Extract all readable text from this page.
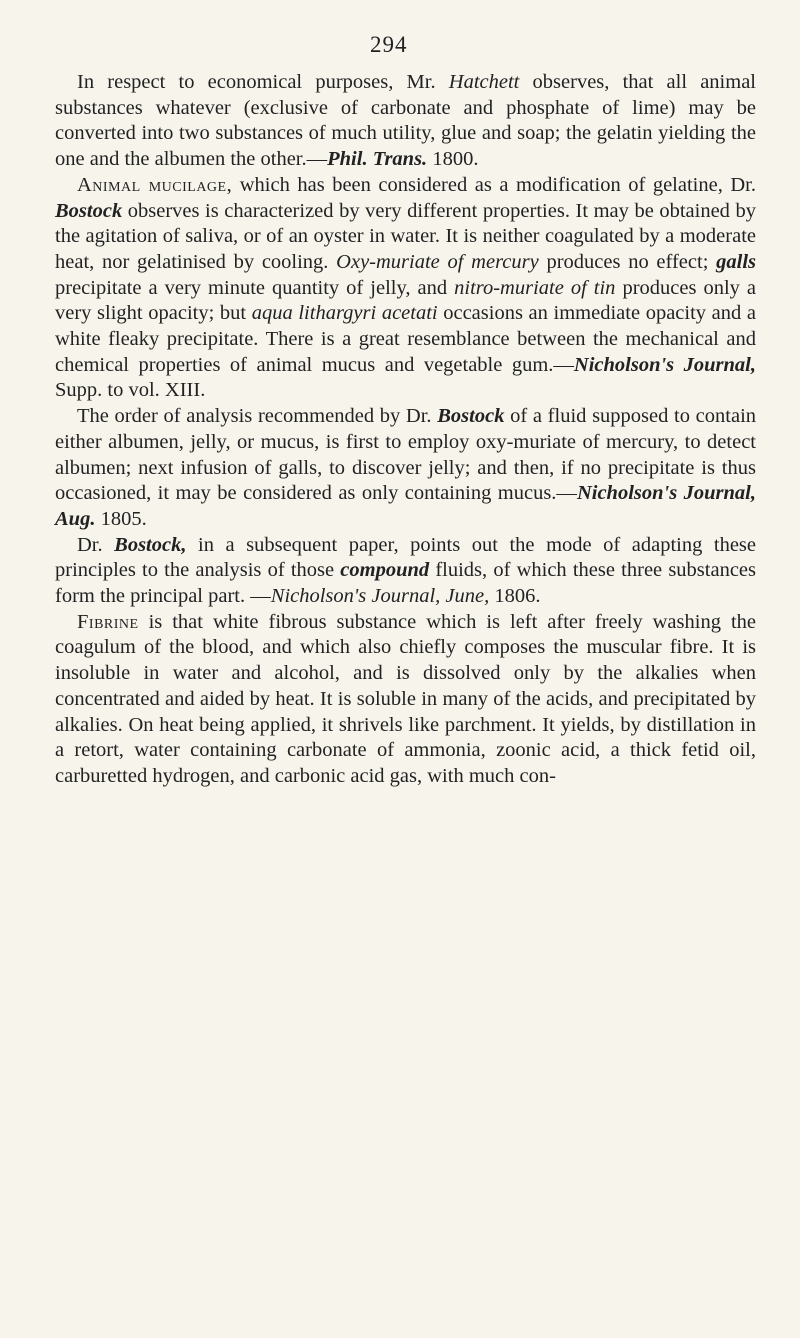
294

In respect to economical purposes, Mr. Hatchett observes, that all animal substances whatever (exclusive of carbonate and phosphate of lime) may be converted into two substances of much utility, glue and soap; the gelatin yielding the one and the albumen the other.—Phil. Trans. 1800.

Animal mucilage, which has been considered as a modification of gelatine, Dr. Bostock observes is characterized by very different properties. It may be obtained by the agitation of saliva, or of an oyster in water. It is neither coagulated by a moderate heat, nor gelatinised by cooling. Oxy-muriate of mercury produces no effect; galls precipitate a very minute quantity of jelly, and nitro-muriate of tin produces only a very slight opacity; but aqua lithargyri acetati occasions an immediate opacity and a white fleaky precipitate. There is a great resemblance between the mechanical and chemical properties of animal mucus and vegetable gum.—Nicholson's Journal, Supp. to vol. XIII.

The order of analysis recommended by Dr. Bostock of a fluid supposed to contain either albumen, jelly, or mucus, is first to employ oxy-muriate of mercury, to detect albumen; next infusion of galls, to discover jelly; and then, if no precipitate is thus occasioned, it may be considered as only containing mucus.—Nicholson's Journal, Aug. 1805.

Dr. Bostock, in a subsequent paper, points out the mode of adapting these principles to the analysis of those compound fluids, of which these three substances form the principal part. —Nicholson's Journal, June, 1806.

Fibrine is that white fibrous substance which is left after freely washing the coagulum of the blood, and which also chiefly composes the muscular fibre. It is insoluble in water and alcohol, and is dissolved only by the alkalies when concentrated and aided by heat. It is soluble in many of the acids, and precipitated by alkalies. On heat being applied, it shrivels like parchment. It yields, by distillation in a retort, water containing carbonate of ammonia, zoonic acid, a thick fetid oil, carburetted hydrogen, and carbonic acid gas, with much con-
